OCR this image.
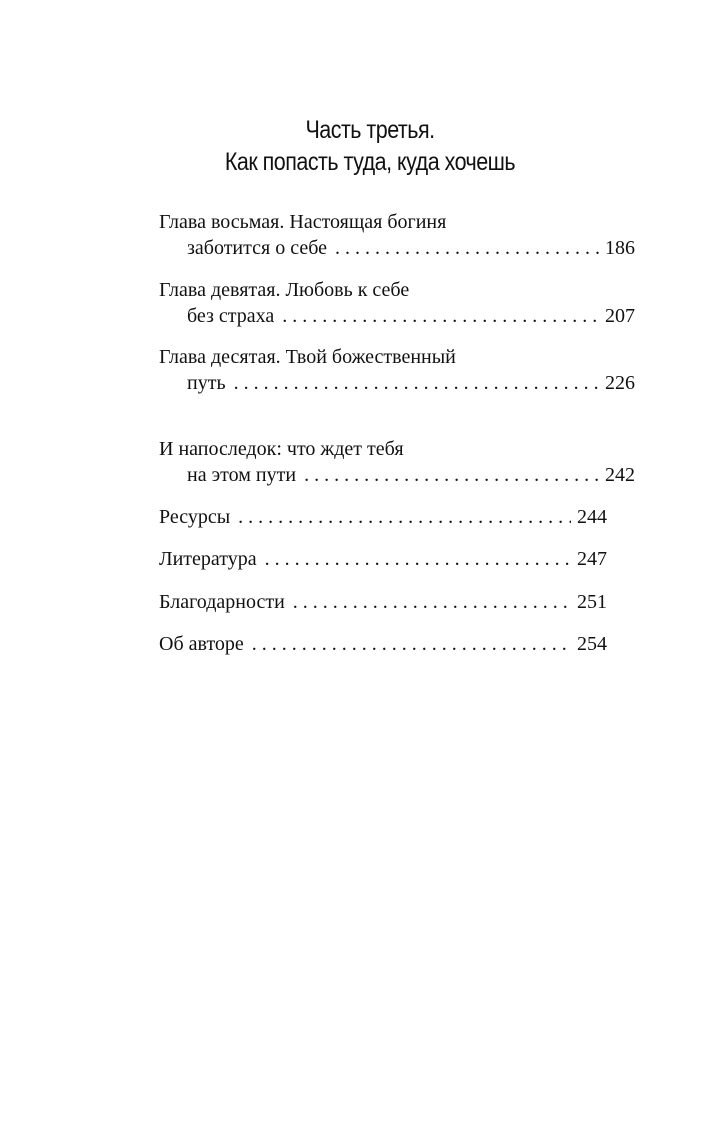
Часть третья.
Как попасть туда, куда хочешь
Глава восьмая. Настоящая богиня
заботится о себе . . .	186
Глава девятая. Любовь к себе
без страха . . .	207
Глава десятая. Твой божественный
путь . . .	226
И напоследок: что ждет тебя
на этом пути . . .	242
Ресурсы . . .	244
Литература . . .	247
Благодарности . . .	251
Об авторе . . .	254
